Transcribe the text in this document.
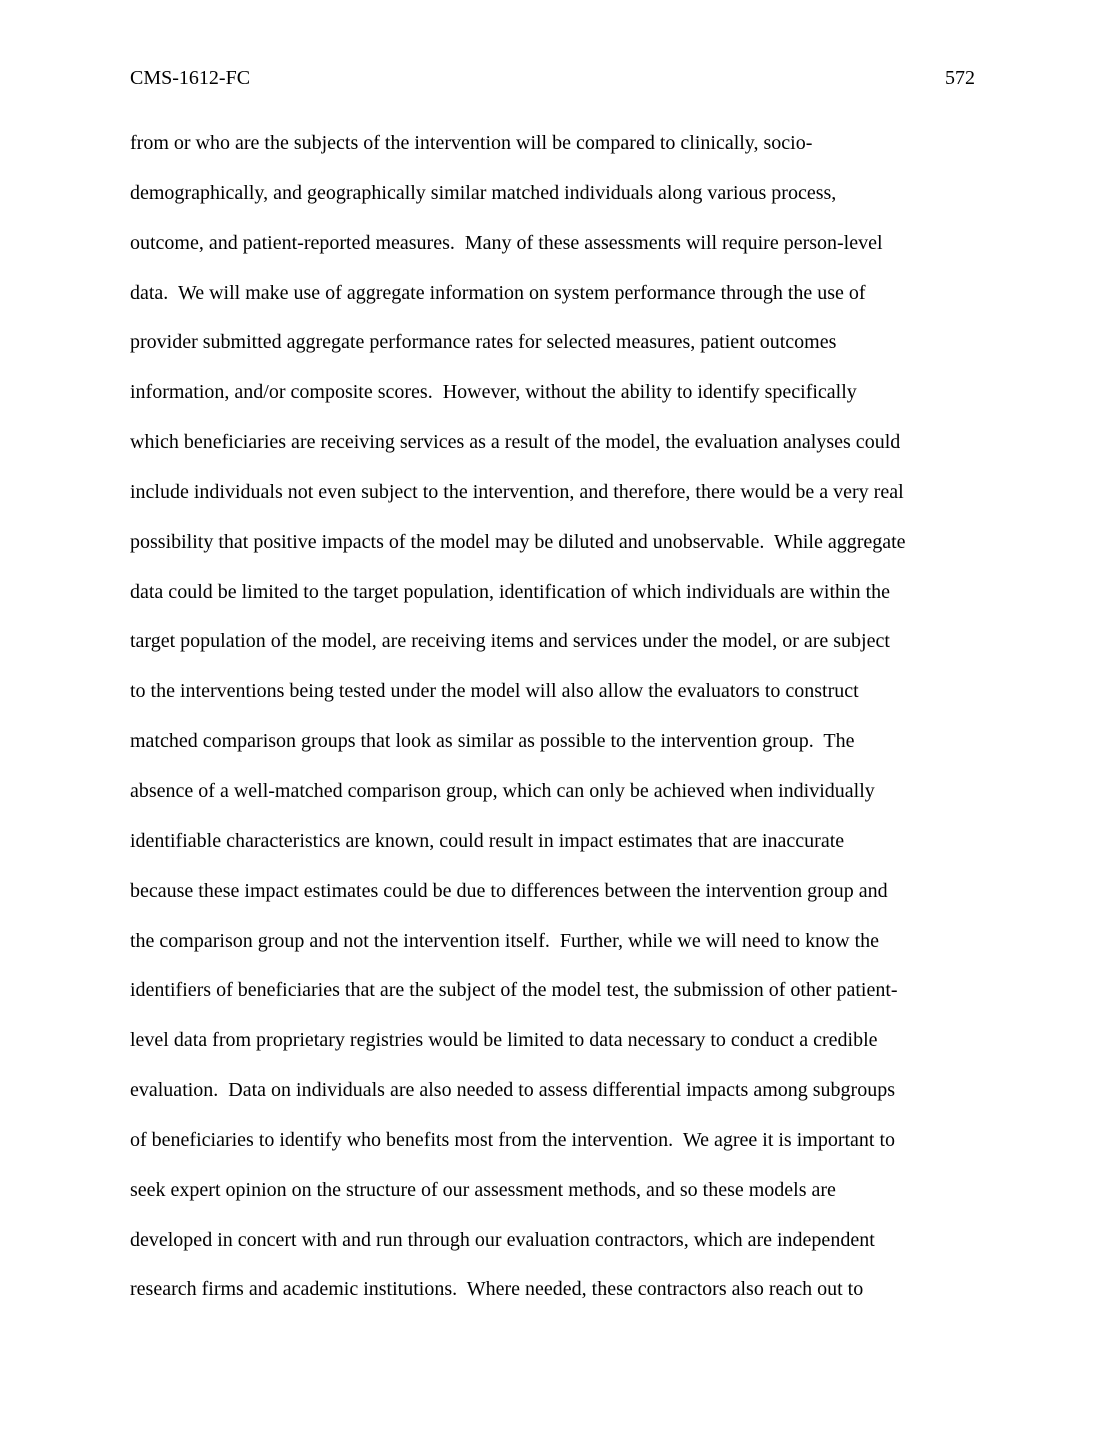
CMS-1612-FC	572
from or who are the subjects of the intervention will be compared to clinically, socio-
demographically, and geographically similar matched individuals along various process,
outcome, and patient-reported measures.  Many of these assessments will require person-level
data.  We will make use of aggregate information on system performance through the use of
provider submitted aggregate performance rates for selected measures, patient outcomes
information, and/or composite scores.  However, without the ability to identify specifically
which beneficiaries are receiving services as a result of the model, the evaluation analyses could
include individuals not even subject to the intervention, and therefore, there would be a very real
possibility that positive impacts of the model may be diluted and unobservable.  While aggregate
data could be limited to the target population, identification of which individuals are within the
target population of the model, are receiving items and services under the model, or are subject
to the interventions being tested under the model will also allow the evaluators to construct
matched comparison groups that look as similar as possible to the intervention group.  The
absence of a well-matched comparison group, which can only be achieved when individually
identifiable characteristics are known, could result in impact estimates that are inaccurate
because these impact estimates could be due to differences between the intervention group and
the comparison group and not the intervention itself.  Further, while we will need to know the
identifiers of beneficiaries that are the subject of the model test, the submission of other patient-
level data from proprietary registries would be limited to data necessary to conduct a credible
evaluation.  Data on individuals are also needed to assess differential impacts among subgroups
of beneficiaries to identify who benefits most from the intervention.  We agree it is important to
seek expert opinion on the structure of our assessment methods, and so these models are
developed in concert with and run through our evaluation contractors, which are independent
research firms and academic institutions.  Where needed, these contractors also reach out to
